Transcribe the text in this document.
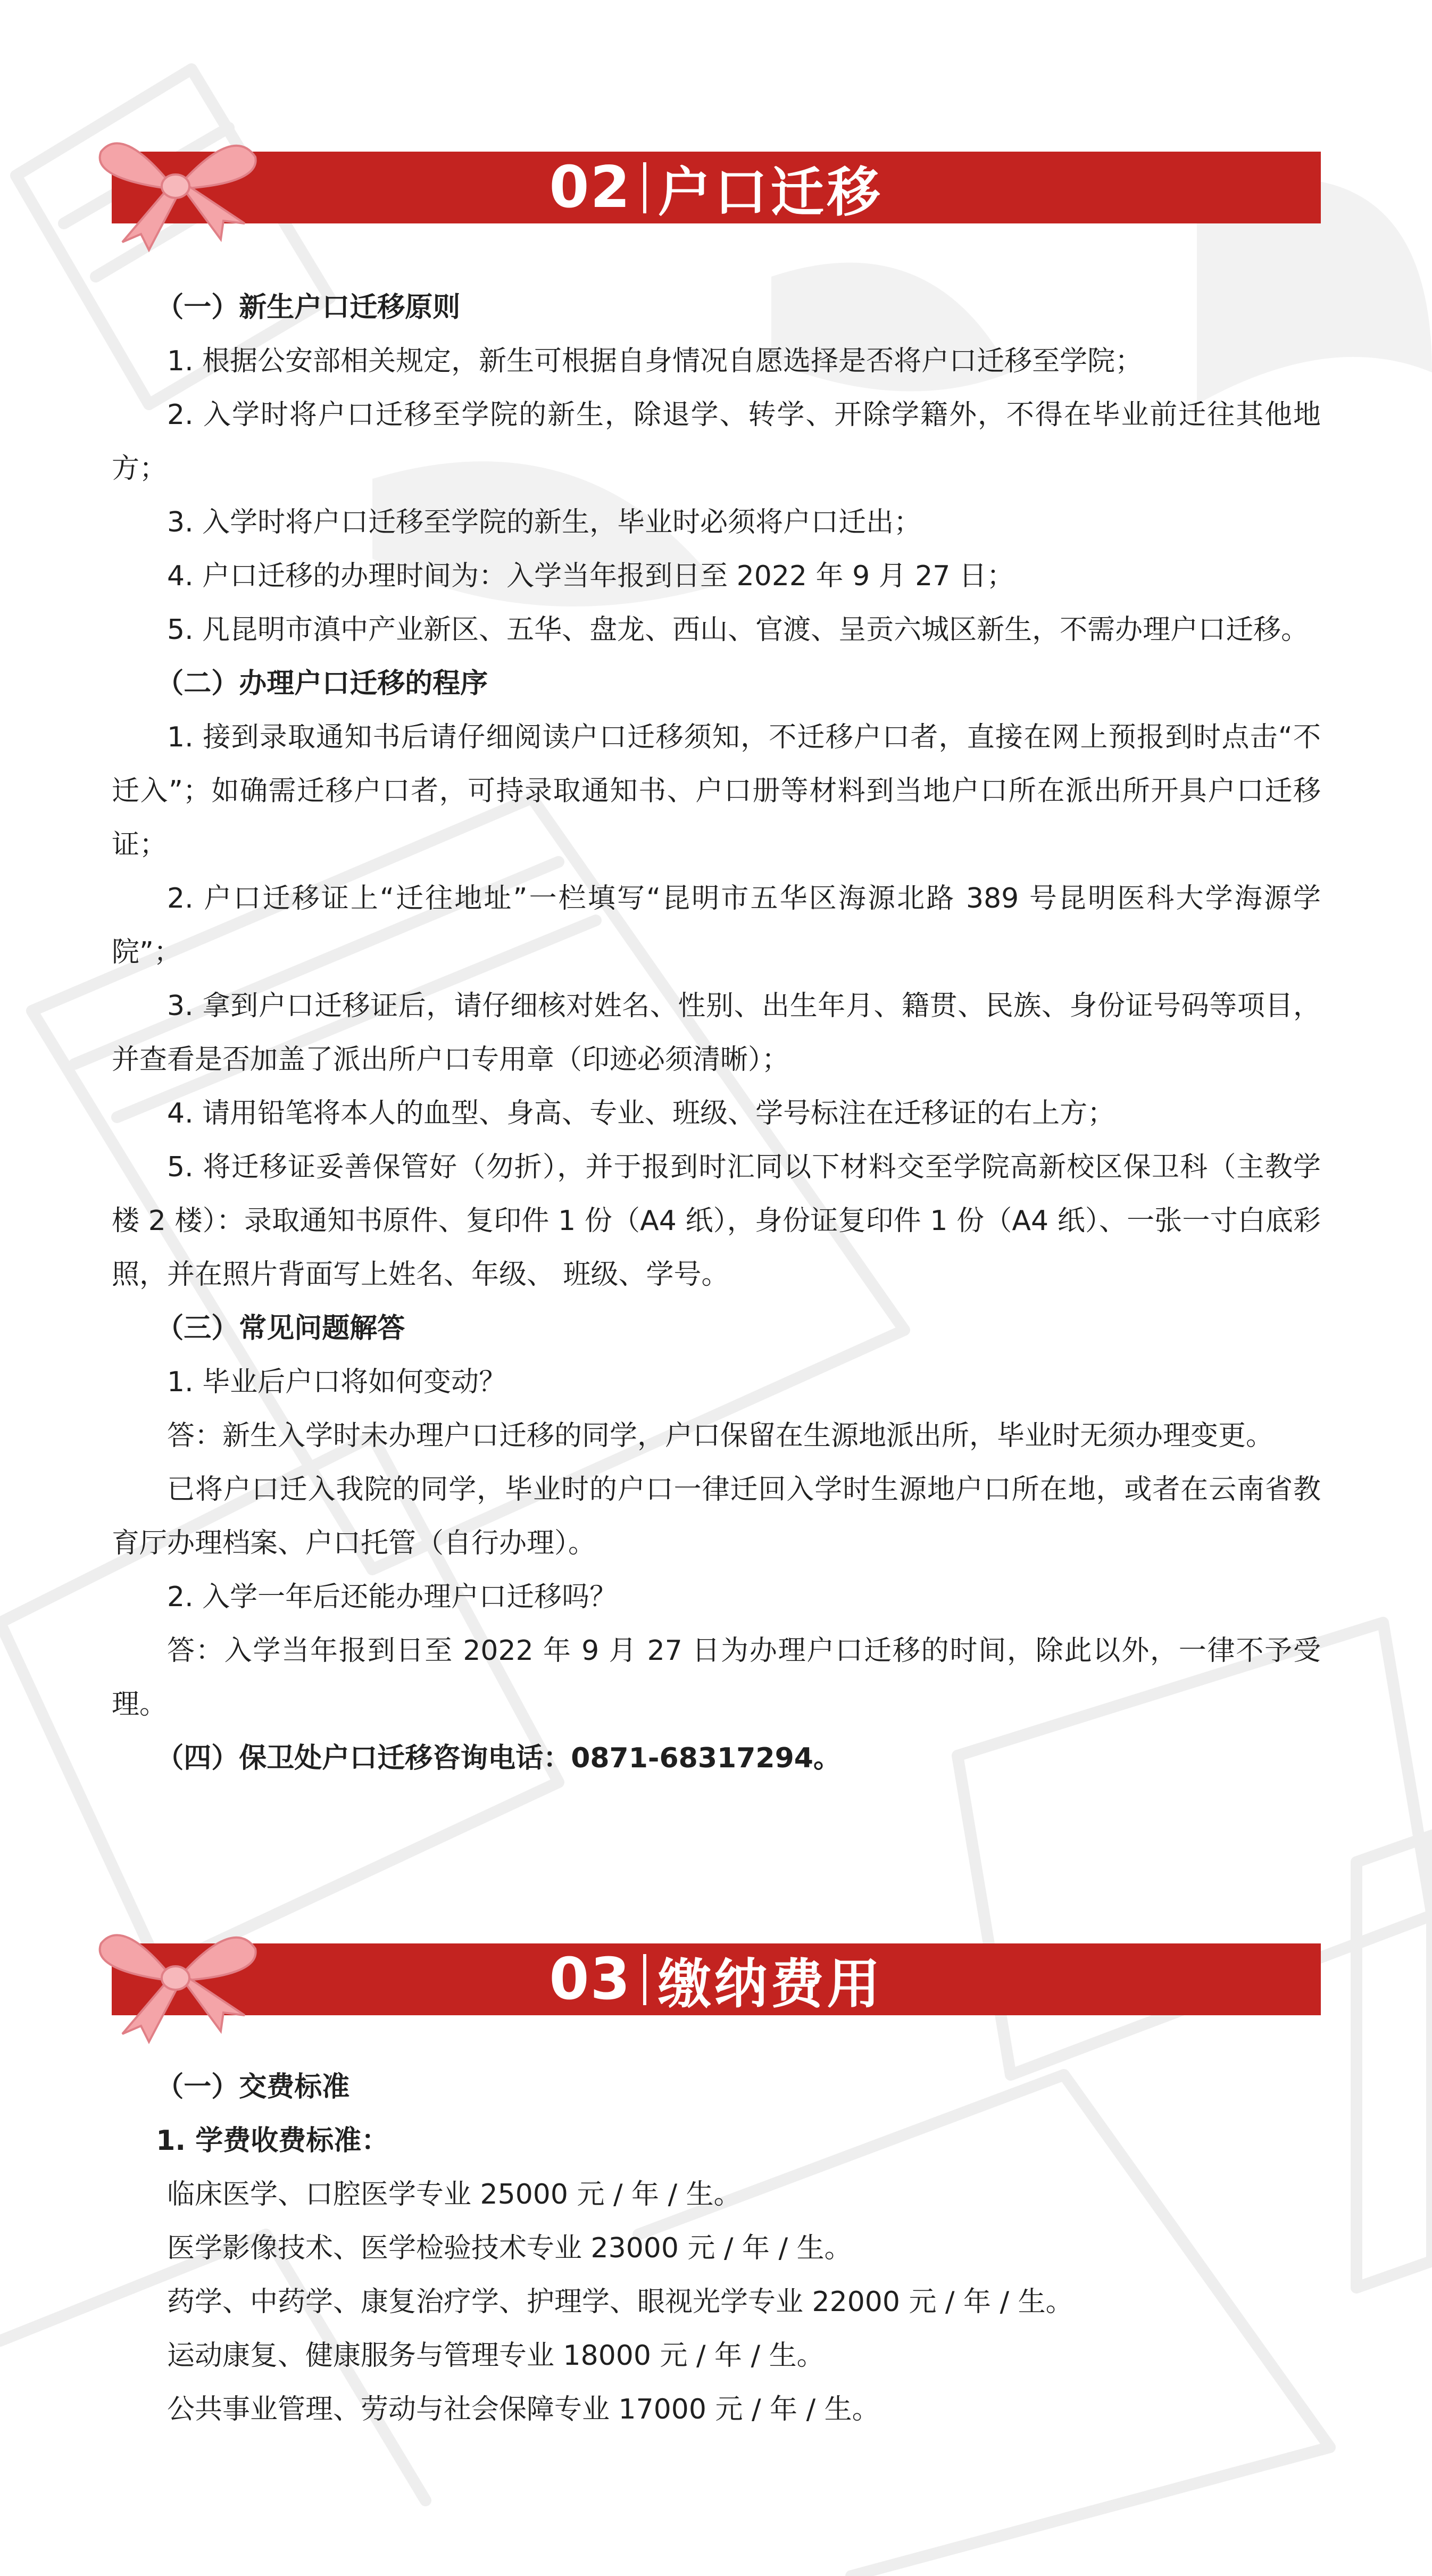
02 户口迁移

（一）新生户口迁移原则

1. 根据公安部相关规定，新生可根据自身情况自愿选择是否将户口迁移至学院；

2. 入学时将户口迁移至学院的新生，除退学、转学、开除学籍外，不得在毕业前迁往其他地方；

3. 入学时将户口迁移至学院的新生，毕业时必须将户口迁出；

4. 户口迁移的办理时间为：入学当年报到日至 2022 年 9 月 27 日；

5. 凡昆明市滇中产业新区、五华、盘龙、西山、官渡、呈贡六城区新生，不需办理户口迁移。

（二）办理户口迁移的程序

1. 接到录取通知书后请仔细阅读户口迁移须知，不迁移户口者，直接在网上预报到时点击“不迁入”；如确需迁移户口者，可持录取通知书、户口册等材料到当地户口所在派出所开具户口迁移证；

2. 户口迁移证上“迁往地址”一栏填写“昆明市五华区海源北路 389 号昆明医科大学海源学院”；

3. 拿到户口迁移证后，请仔细核对姓名、性别、出生年月、籍贯、民族、身份证号码等项目，并查看是否加盖了派出所户口专用章（印迹必须清晰）；

4. 请用铅笔将本人的血型、身高、专业、班级、学号标注在迁移证的右上方；

5. 将迁移证妥善保管好（勿折），并于报到时汇同以下材料交至学院高新校区保卫科（主教学楼 2 楼）：录取通知书原件、复印件 1 份（A4 纸），身份证复印件 1 份（A4 纸）、一张一寸白底彩照，并在照片背面写上姓名、年级、 班级、学号。

（三）常见问题解答

1. 毕业后户口将如何变动？

答：新生入学时未办理户口迁移的同学，户口保留在生源地派出所，毕业时无须办理变更。

已将户口迁入我院的同学，毕业时的户口一律迁回入学时生源地户口所在地，或者在云南省教育厅办理档案、户口托管（自行办理）。

2. 入学一年后还能办理户口迁移吗？

答：入学当年报到日至 2022 年 9 月 27 日为办理户口迁移的时间，除此以外，一律不予受理。

（四）保卫处户口迁移咨询电话：0871-68317294。

03 缴纳费用

（一）交费标准

1. 学费收费标准：

临床医学、口腔医学专业 25000 元 / 年 / 生。

医学影像技术、医学检验技术专业 23000 元 / 年 / 生。

药学、中药学、康复治疗学、护理学、眼视光学专业 22000 元 / 年 / 生。

运动康复、健康服务与管理专业 18000 元 / 年 / 生。

公共事业管理、劳动与社会保障专业 17000 元 / 年 / 生。
